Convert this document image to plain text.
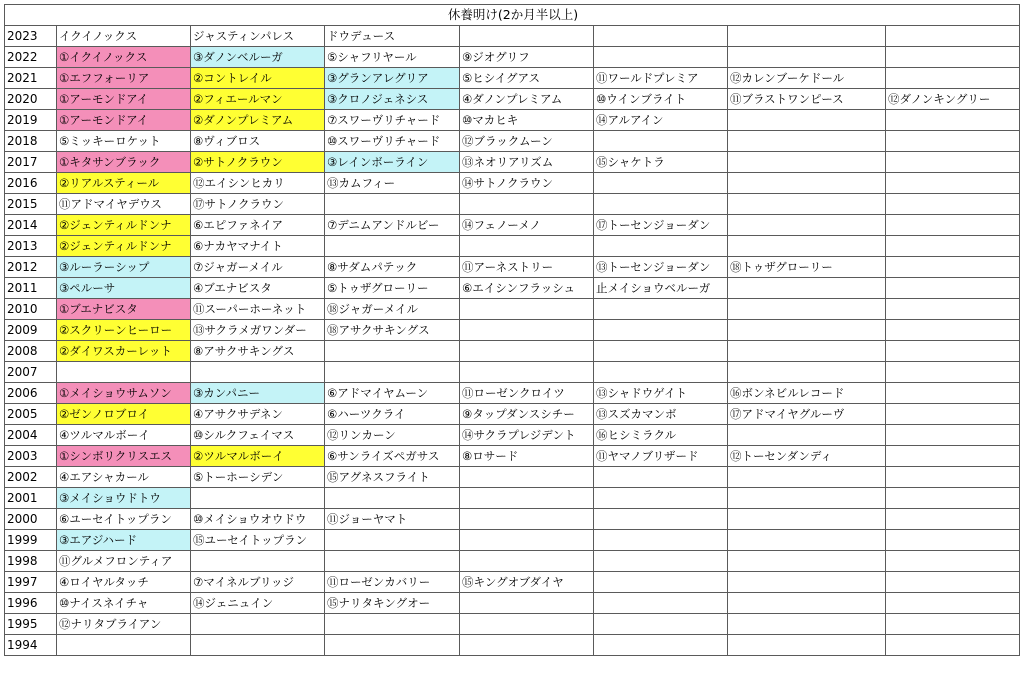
休養明け(2か月半以上)							
2023	イクイノックス	ジャスティンパレス	ドウデュース				
2022	①イクイノックス	③ダノンベルーガ	⑤シャフリヤール	⑨ジオグリフ			
2021	①エフフォーリア	②コントレイル	③グランアレグリア	⑤ヒシイグアス	⑪ワールドプレミア	⑫カレンブーケドール	
2020	①アーモンドアイ	②フィエールマン	③クロノジェネシス	④ダノンプレミアム	⑩ウインブライト	⑪ブラストワンピース	⑫ダノンキングリー
2019	①アーモンドアイ	②ダノンプレミアム	⑦スワーヴリチャード	⑩マカヒキ	⑭アルアイン		
2018	⑤ミッキーロケット	⑧ヴィブロス	⑩スワーヴリチャード	⑫ブラックムーン			
2017	①キタサンブラック	②サトノクラウン	③レインボーライン	⑬ネオリアリズム	⑮シャケトラ		
2016	②リアルスティール	⑫エイシンヒカリ	⑬カムフィー	⑭サトノクラウン			
2015	⑪アドマイヤデウス	⑰サトノクラウン					
2014	②ジェンティルドンナ	⑥エピファネイア	⑦デニムアンドルビー	⑭フェノーメノ	⑰トーセンジョーダン		
2013	②ジェンティルドンナ	⑥ナカヤマナイト					
2012	③ルーラーシップ	⑦ジャガーメイル	⑧サダムパテック	⑪アーネストリー	⑬トーセンジョーダン	⑱トゥザグローリー	
2011	③ペルーサ	④ブエナビスタ	⑤トゥザグローリー	⑥エイシンフラッシュ	止メイショウベルーガ		
2010	①ブエナビスタ	⑪スーパーホーネット	⑱ジャガーメイル				
2009	②スクリーンヒーロー	⑬サクラメガワンダー	⑱アサクサキングス				
2008	②ダイワスカーレット	⑧アサクサキングス					
2007							
2006	①メイショウサムソン	③カンパニー	⑥アドマイヤムーン	⑪ローゼンクロイツ	⑬シャドウゲイト	⑯ボンネビルレコード	
2005	②ゼンノロブロイ	④アサクサデネン	⑥ハーツクライ	⑨タップダンスシチー	⑬スズカマンボ	⑰アドマイヤグルーヴ	
2004	④ツルマルボーイ	⑩シルクフェイマス	⑫リンカーン	⑭サクラプレジデント	⑯ヒシミラクル		
2003	①シンボリクリスエス	②ツルマルボーイ	⑥サンライズペガサス	⑧ロサード	⑪ヤマノブリザード	⑫トーセンダンディ	
2002	④エアシャカール	⑤トーホーシデン	⑮アグネスフライト				
2001	③メイショウドトウ						
2000	⑥ユーセイトップラン	⑩メイショウオウドウ	⑪ジョーヤマト				
1999	③エアジハード	⑮ユーセイトップラン					
1998	⑪グルメフロンティア						
1997	④ロイヤルタッチ	⑦マイネルブリッジ	⑪ローゼンカバリー	⑮キングオブダイヤ			
1996	⑩ナイスネイチャ	⑭ジェニュイン	⑮ナリタキングオー				
1995	⑫ナリタブライアン						
1994							
